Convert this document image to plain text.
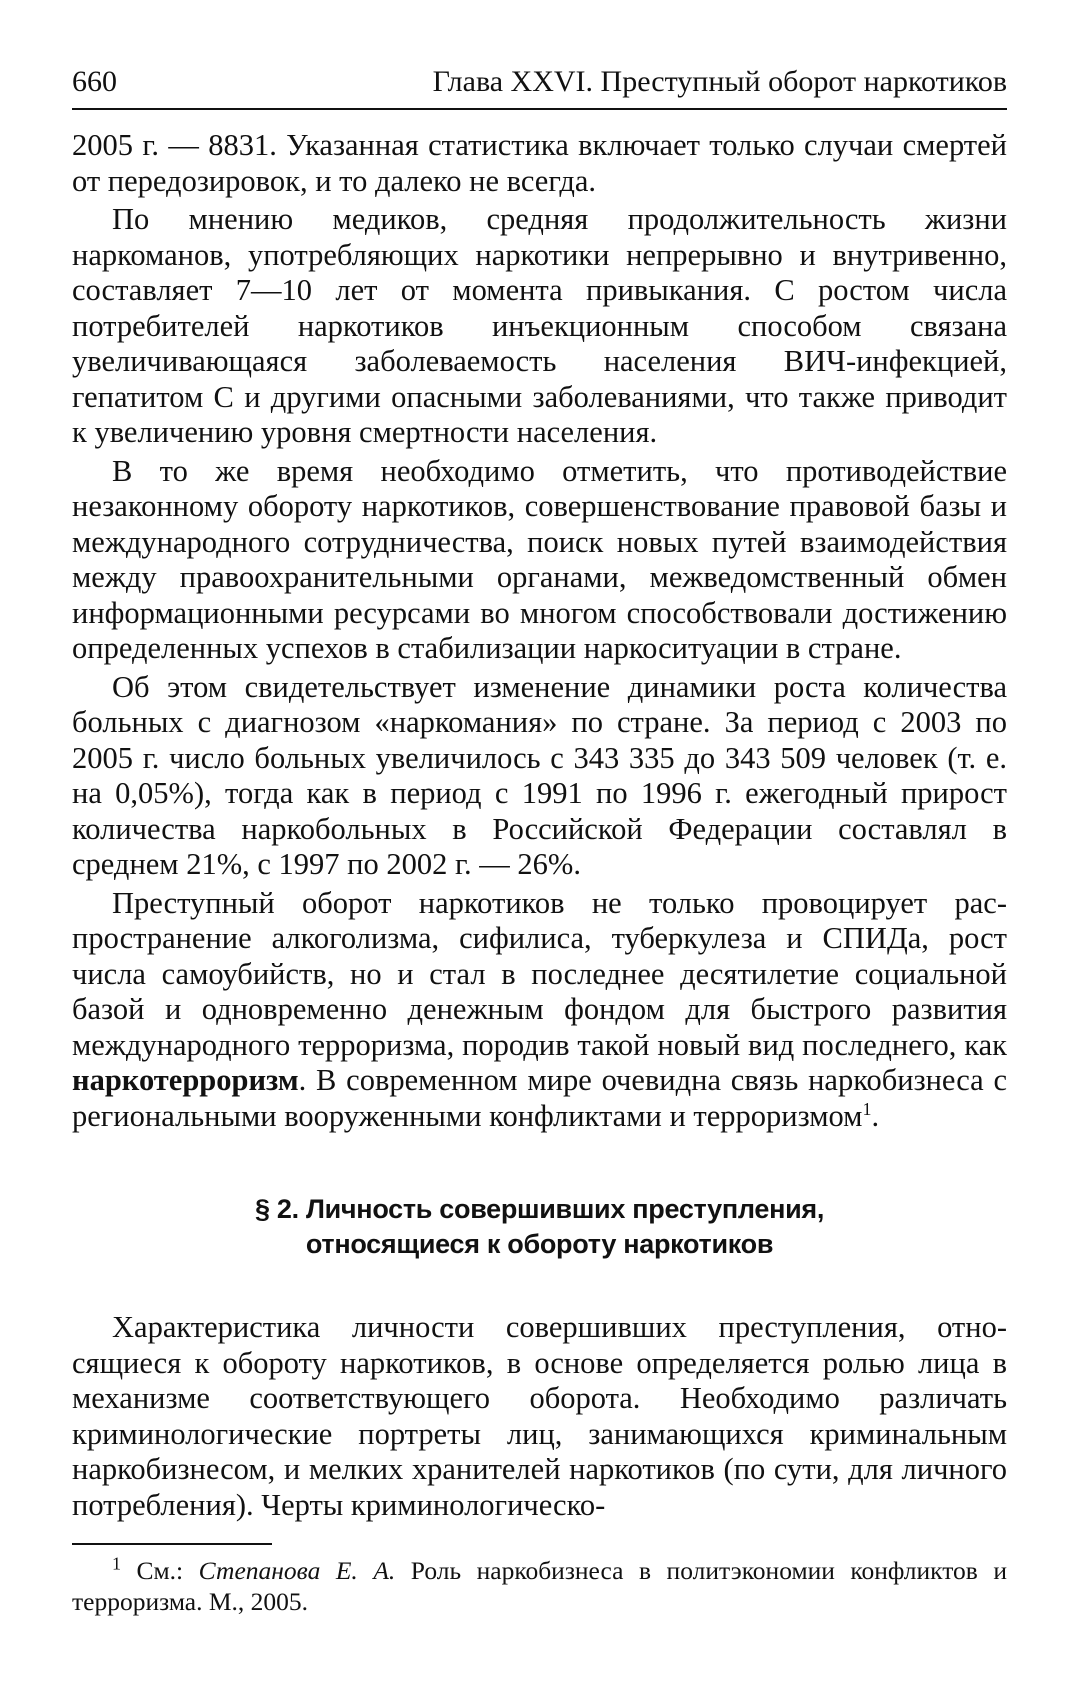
660	Глава XXVI. Преступный оборот наркотиков

2005 г. — 8831. Указанная статистика включает только случаи смертей от передозировок, и то далеко не всегда.

По мнению медиков, средняя продолжительность жизни наркоманов, употребляющих наркотики непрерывно и внутривенно, составляет 7—10 лет от момента привыкания. С ростом числа потребителей наркотиков инъекционным способом связана увеличивающаяся заболеваемость населения ВИЧ-инфекцией, гепатитом С и другими опасными заболеваниями, что также приводит к увеличению уровня смертности населения.

В то же время необходимо отметить, что противодействие незаконному обороту наркотиков, совершенствование правовой базы и международного сотрудничества, поиск новых путей взаимодействия между правоохранительными органами, межведомственный обмен информационными ресурсами во многом способствовали достижению определенных успехов в стабилизации наркоситуации в стране.

Об этом свидетельствует изменение динамики роста количества больных с диагнозом «наркомания» по стране. За период с 2003 по 2005 г. число больных увеличилось с 343 335 до 343 509 человек (т. е. на 0,05%), тогда как в период с 1991 по 1996 г. ежегодный прирост количества наркобольных в Российской Федерации составлял в среднем 21%, с 1997 по 2002 г. — 26%.

Преступный оборот наркотиков не только провоцирует распространение алкоголизма, сифилиса, туберкулеза и СПИДа, рост числа самоубийств, но и стал в последнее десятилетие социальной базой и одновременно денежным фондом для быстрого развития международного терроризма, породив такой новый вид последнего, как наркотерроризм. В современном мире очевидна связь наркобизнеса с региональными вооруженными конфликтами и терроризмом$^1$.

§ 2. Личность совершивших преступления,
относящиеся к обороту наркотиков

Характеристика личности совершивших преступления, относящиеся к обороту наркотиков, в основе определяется ролью лица в механизме соответствующего оборота. Необходимо различать криминологические портреты лиц, занимающихся криминальным наркобизнесом, и мелких хранителей наркотиков (по сути, для личного потребления). Черты криминологическо-

$^1$ См.: Степанова Е. А. Роль наркобизнеса в политэкономии конфликтов и терроризма. М., 2005.
